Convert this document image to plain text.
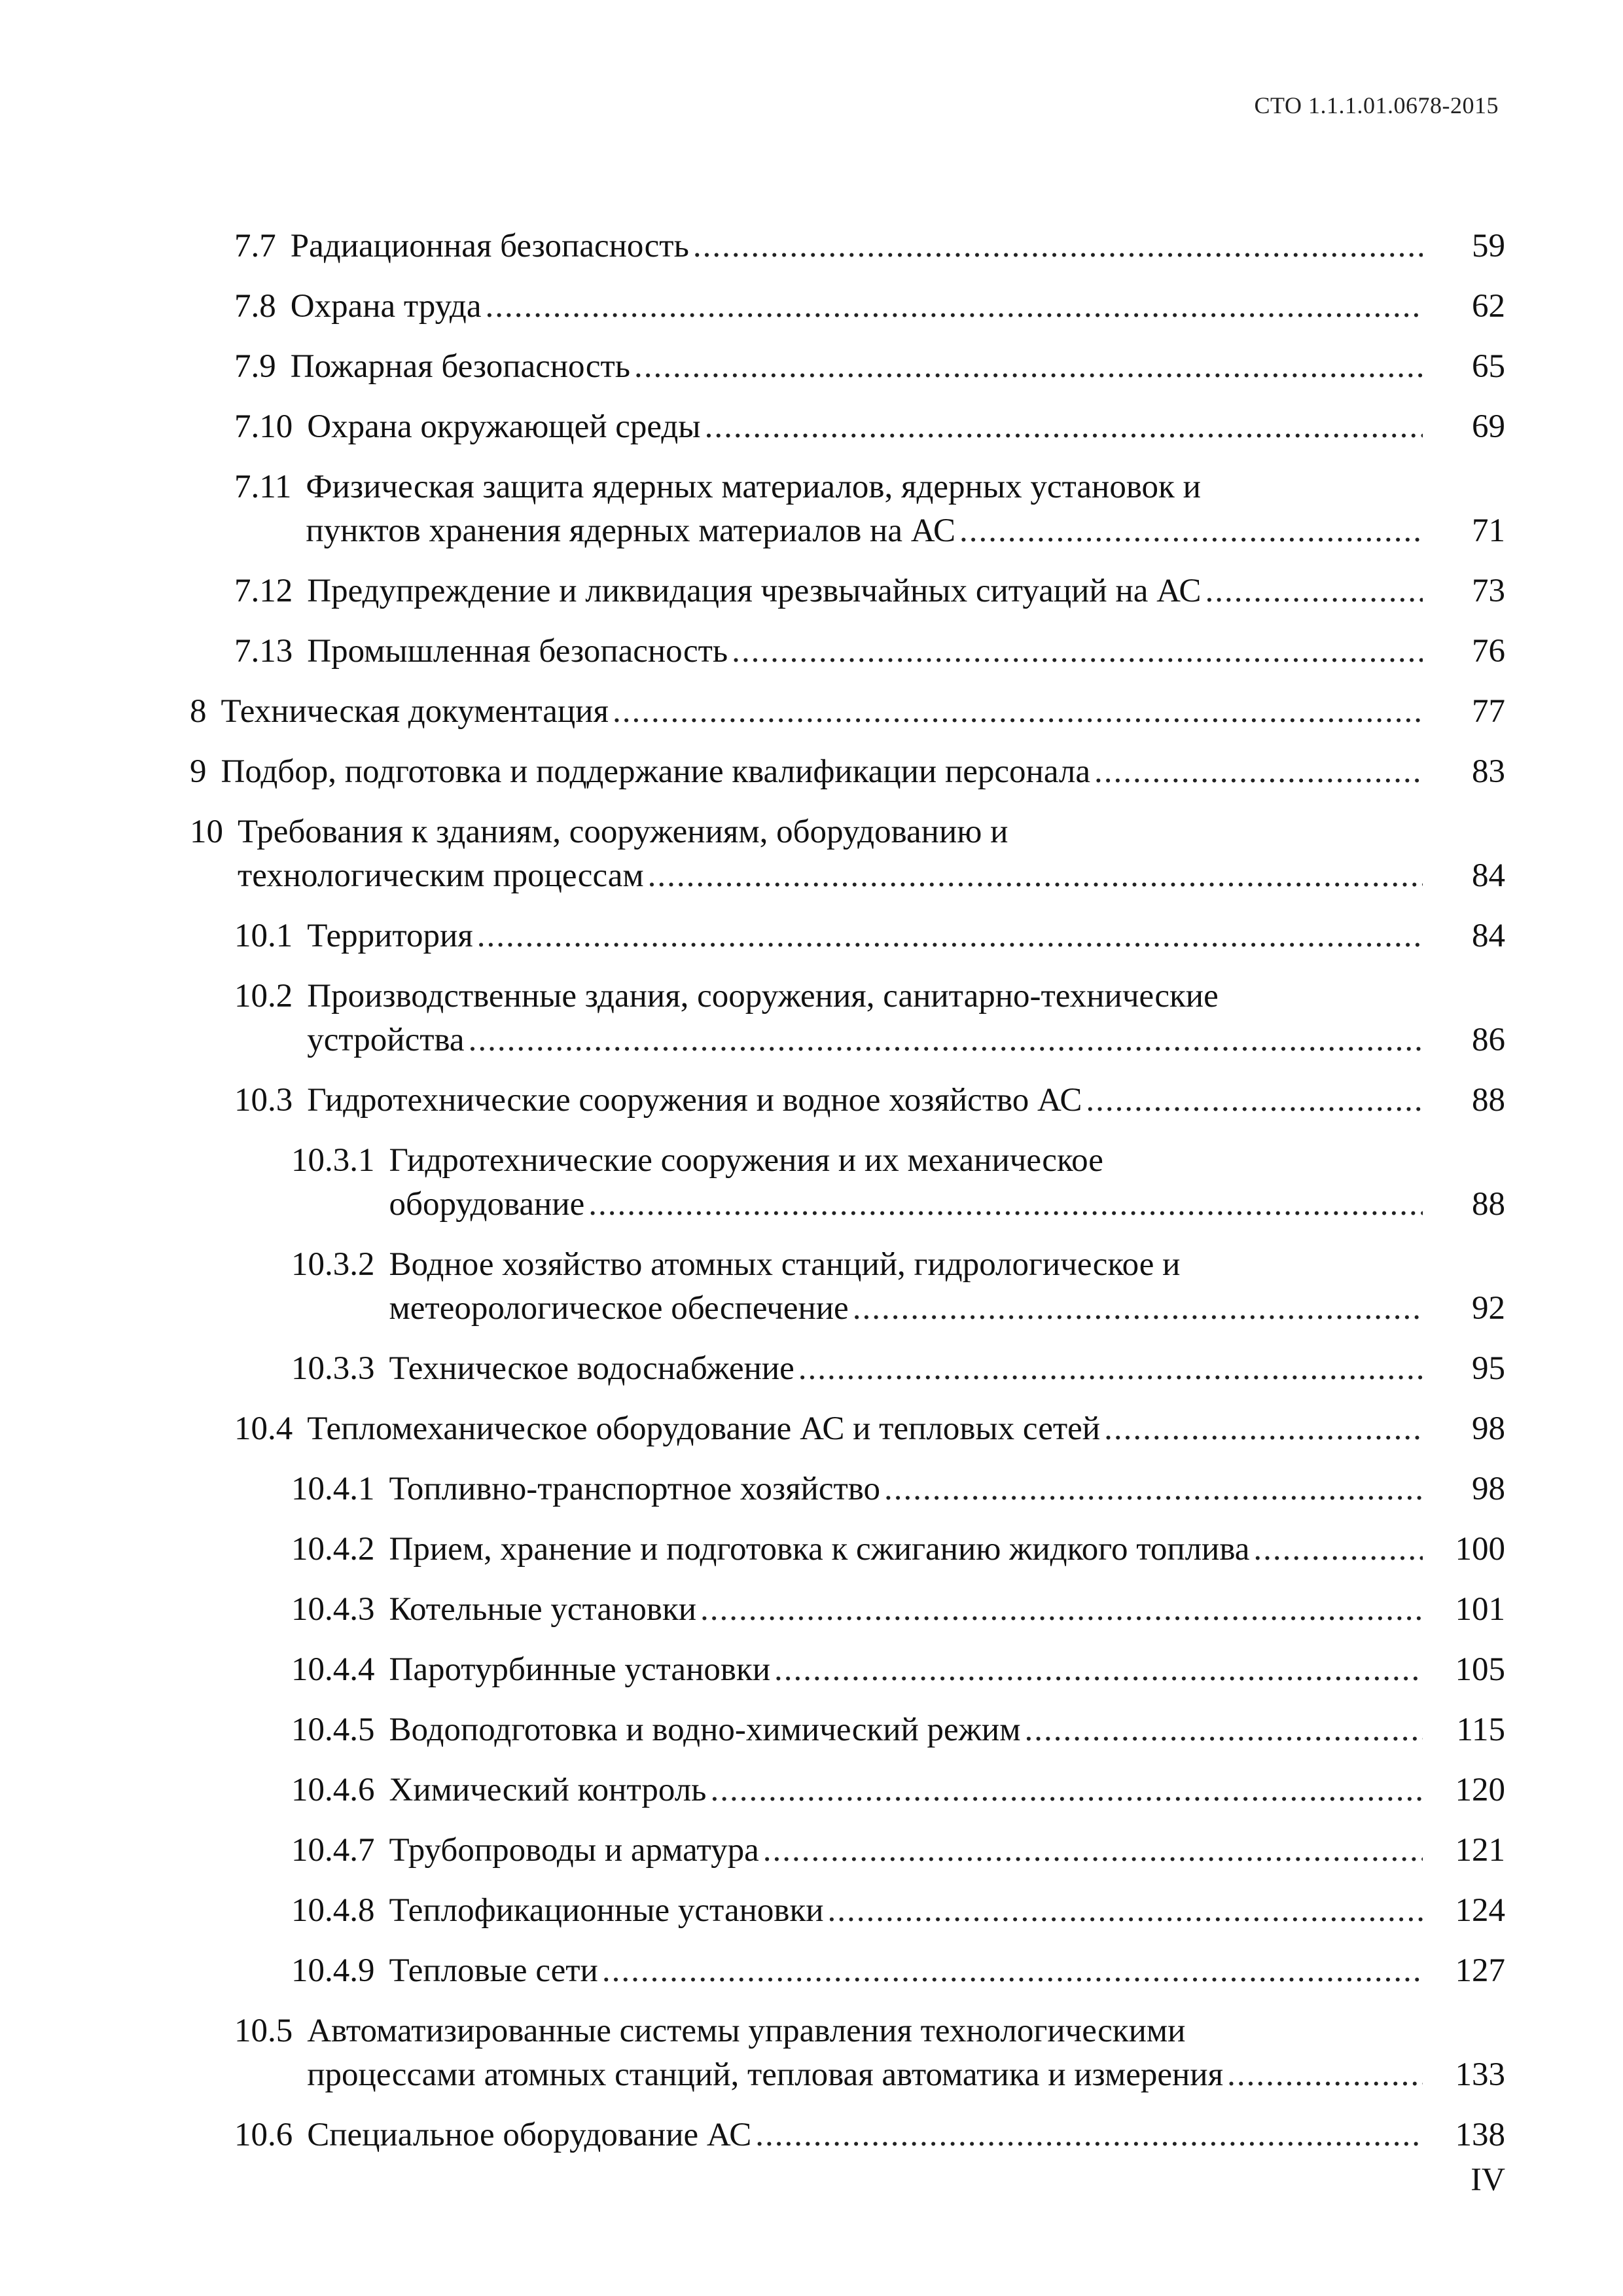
СТО 1.1.1.01.0678-2015
7.7 Радиационная безопасность .....	59
7.8 Охрана труда .....	62
7.9 Пожарная безопасность .....	65
7.10 Охрана окружающей среды .....	69
7.11 Физическая защита ядерных материалов, ядерных установок и
пунктов хранения ядерных материалов на АС .....	71
7.12 Предупреждение и ликвидация чрезвычайных ситуаций на АС .....	73
7.13 Промышленная безопасность .....	76
8 Техническая документация .....	77
9 Подбор, подготовка и поддержание квалификации персонала .....	83
10 Требования к зданиям, сооружениям, оборудованию и
технологическим процессам .....	84
10.1 Территория .....	84
10.2 Производственные здания, сооружения, санитарно-технические
устройства .....	86
10.3 Гидротехнические сооружения и водное хозяйство АС .....	88
10.3.1 Гидротехнические сооружения и их механическое
оборудование .....	88
10.3.2 Водное хозяйство атомных станций, гидрологическое и
метеорологическое обеспечение .....	92
10.3.3 Техническое водоснабжение .....	95
10.4 Тепломеханическое оборудование АС и тепловых сетей .....	98
10.4.1 Топливно-транспортное хозяйство .....	98
10.4.2 Прием, хранение и подготовка к сжиганию жидкого топлива .....	100
10.4.3 Котельные установки .....	101
10.4.4 Паротурбинные установки .....	105
10.4.5 Водоподготовка и водно-химический режим .....	115
10.4.6 Химический контроль .....	120
10.4.7 Трубопроводы и арматура .....	121
10.4.8 Теплофикационные установки .....	124
10.4.9 Тепловые сети .....	127
10.5 Автоматизированные системы управления технологическими
процессами атомных станций, тепловая автоматика и измерения .....	133
10.6 Специальное оборудование АС .....	138
IV
